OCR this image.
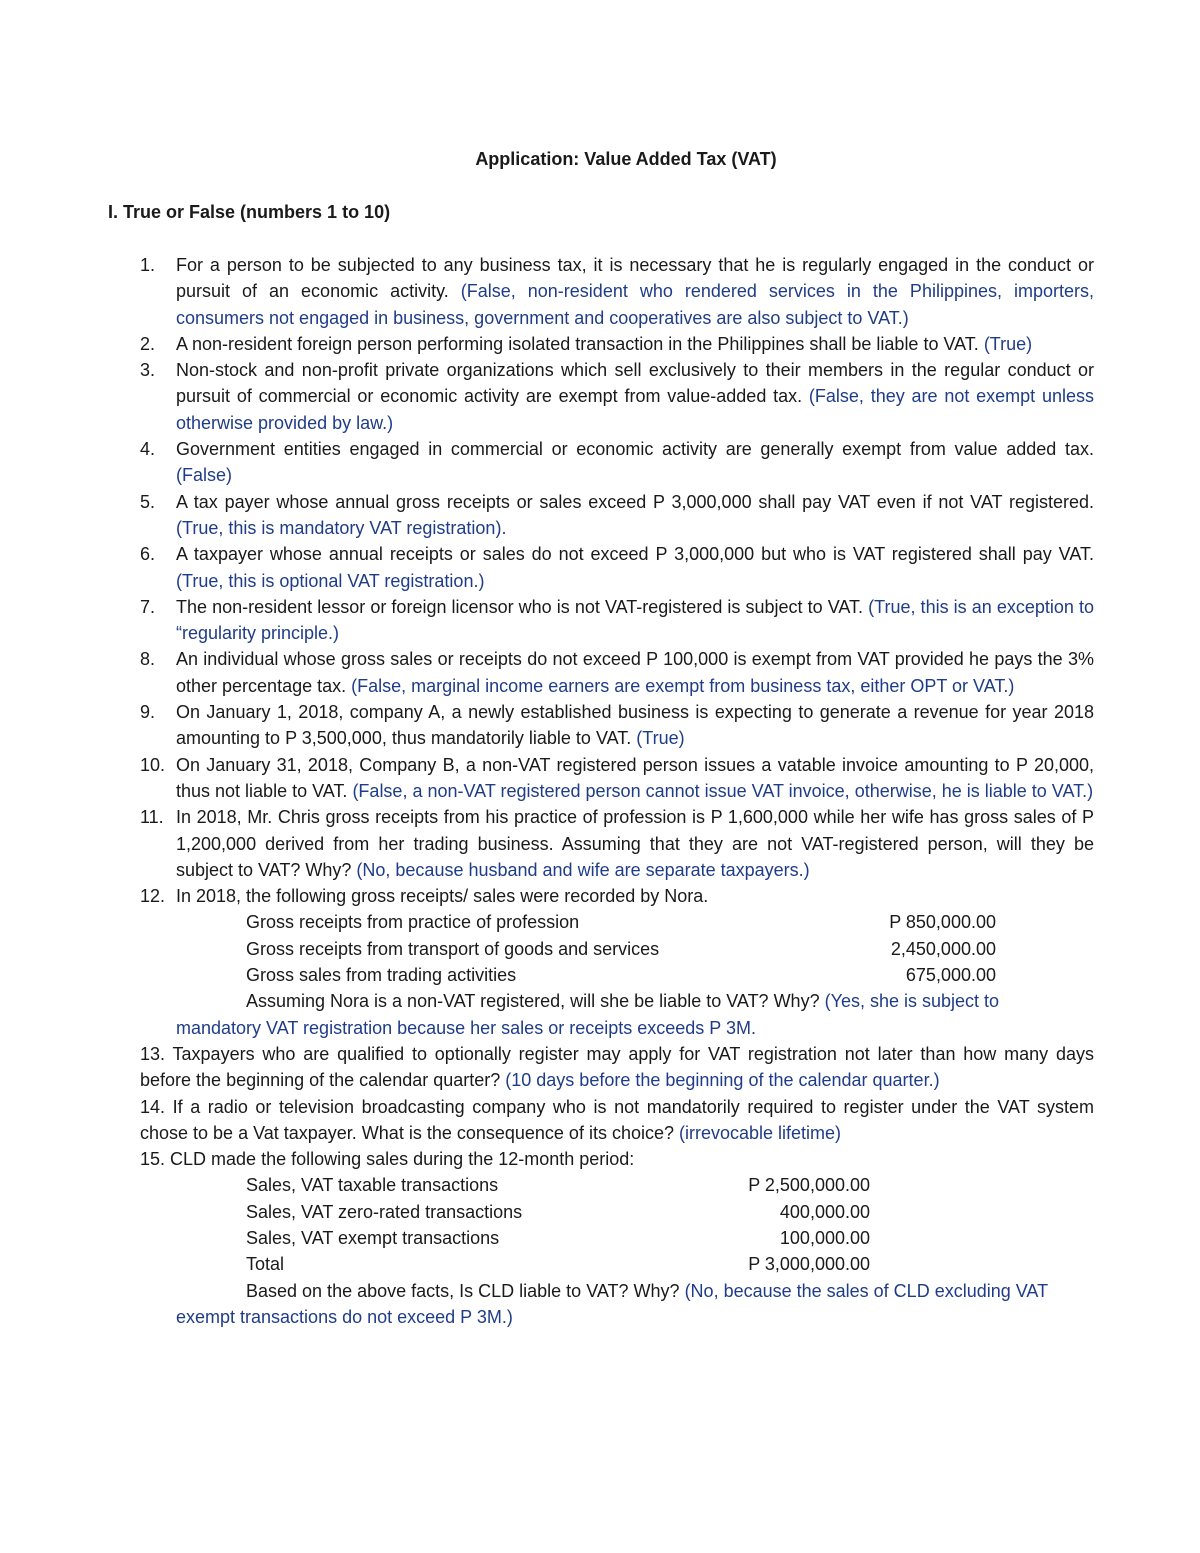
Application: Value Added Tax (VAT)
I. True or False (numbers 1 to 10)
1.	For a person to be subjected to any business tax, it is necessary that he is regularly engaged in the conduct or pursuit of an economic activity. (False, non-resident who rendered services in the Philippines, importers, consumers not engaged in business, government and cooperatives are also subject to VAT.)
2.	A non-resident foreign person performing isolated transaction in the Philippines shall be liable to VAT. (True)
3.	Non-stock and non-profit private organizations which sell exclusively to their members in the regular conduct or pursuit of commercial or economic activity are exempt from value-added tax. (False, they are not exempt unless otherwise provided by law.)
4.	Government entities engaged in commercial or economic activity are generally exempt from value added tax. (False)
5.	A tax payer whose annual gross receipts or sales exceed P 3,000,000 shall pay VAT even if not VAT registered. (True, this is mandatory VAT registration).
6.	A taxpayer whose annual receipts or sales do not exceed P 3,000,000 but who is VAT registered shall pay VAT. (True, this is optional VAT registration.)
7.	The non-resident lessor or foreign licensor who is not VAT-registered is subject to VAT. (True, this is an exception to “regularity principle.)
8.	An individual whose gross sales or receipts do not exceed P 100,000 is exempt from VAT provided he pays the 3% other percentage tax. (False, marginal income earners are exempt from business tax, either OPT or VAT.)
9.	On January 1, 2018, company A, a newly established business is expecting to generate a revenue for year 2018 amounting to P 3,500,000, thus mandatorily liable to VAT. (True)
10. On January 31, 2018, Company B, a non-VAT registered person issues a vatable invoice amounting to P 20,000, thus not liable to VAT. (False, a non-VAT registered person cannot issue VAT invoice, otherwise, he is liable to VAT.)
11. In 2018, Mr. Chris gross receipts from his practice of profession is P 1,600,000 while her wife has gross sales of P 1,200,000 derived from her trading business. Assuming that they are not VAT-registered person, will they be subject to VAT? Why? (No, because husband and wife are separate taxpayers.)
12. In 2018, the following gross receipts/ sales were recorded by Nora.
Gross receipts from practice of profession	P 850,000.00
Gross receipts from transport of goods and services	2,450,000.00
Gross sales from trading activities	675,000.00
Assuming Nora is a non-VAT registered, will she be liable to VAT? Why? (Yes, she is subject to
mandatory VAT registration because her sales or receipts exceeds P 3M.
13. Taxpayers who are qualified to optionally register may apply for VAT registration not later than how many days before the beginning of the calendar quarter? (10 days before the beginning of the calendar quarter.)
14. If a radio or television broadcasting company who is not mandatorily required to register under the VAT system chose to be a Vat taxpayer. What is the consequence of its choice? (irrevocable lifetime)
15. CLD made the following sales during the 12-month period:
Sales, VAT taxable transactions	P 2,500,000.00
Sales, VAT zero-rated transactions	400,000.00
Sales, VAT exempt transactions	100,000.00
Total	P 3,000,000.00
Based on the above facts, Is CLD liable to VAT? Why? (No, because the sales of CLD excluding VAT
exempt transactions do not exceed P 3M.)
